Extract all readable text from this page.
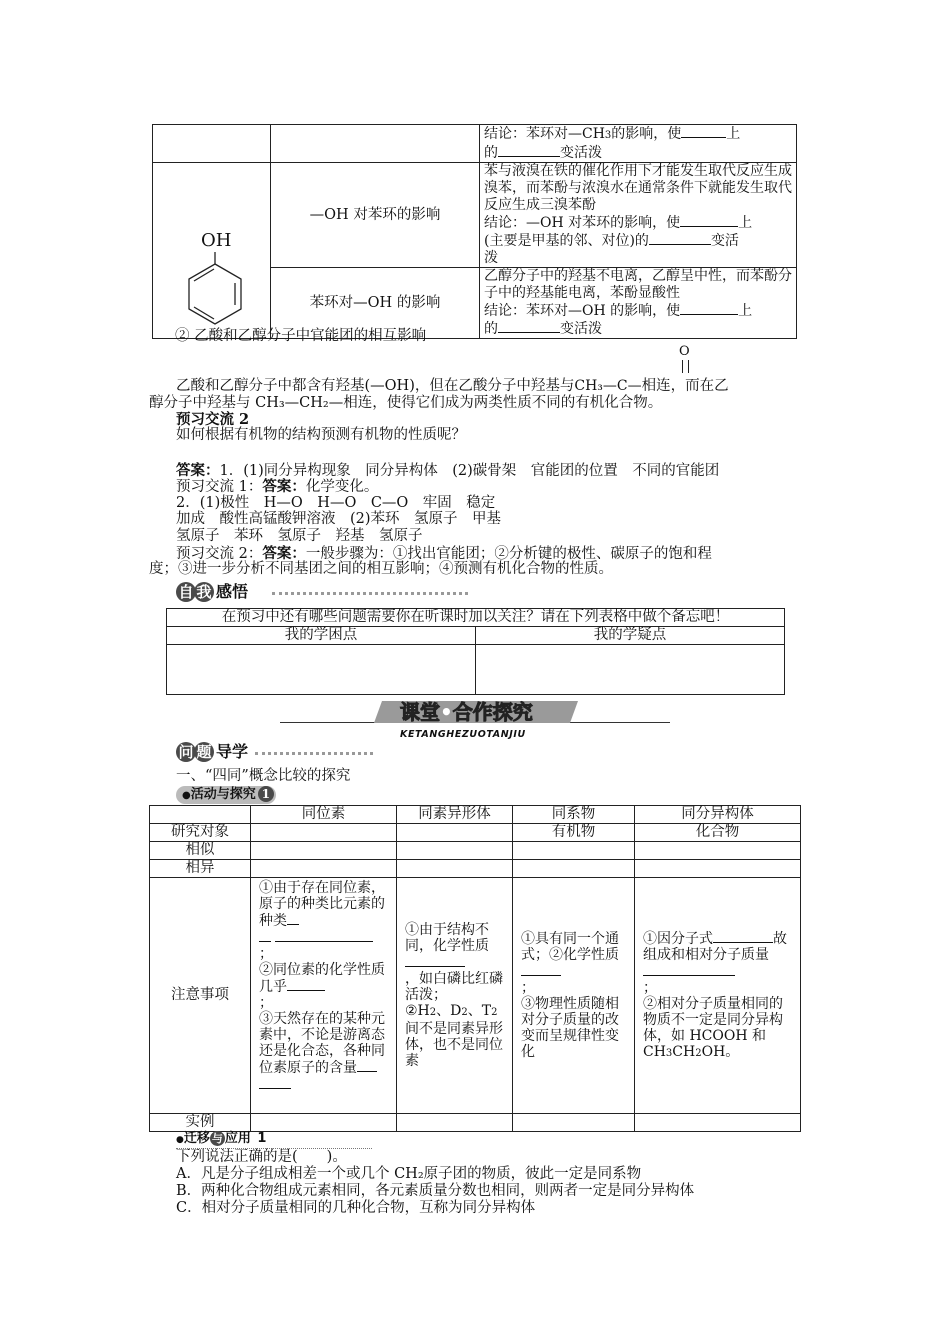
		结论：苯环对—CH3的影响，使 上
的 变活泼

OH	—OH 对苯环的影响	苯与液溴在铁的催化作用下才能发生取代反应生成溴苯，而苯酚与浓溴水在通常条件下就能发生取代反应生成三溴苯酚
结论：—OH 对苯环的影响，使 上
(主要是甲基的邻、对位)的 变活
泼

	苯环对—OH 的影响	乙醇分子中的羟基不电离，乙醇呈中性，而苯酚分子中的羟基能电离，苯酚显酸性
结论：苯环对—OH 的影响，使 上
的 变活泼
② 乙酸和乙醇分子中官能团的相互影响
O
乙酸和乙醇分子中都含有羟基(—OH)，但在乙酸分子中羟基与CH₃—C—相连，而在乙
醇分子中羟基与 CH₃—CH₂—相连，使得它们成为两类性质不同的有机化合物。
预习交流 2
如何根据有机物的结构预测有机物的性质呢？
答案：1．(1)同分异构现象　同分异构体　(2)碳骨架　官能团的位置　不同的官能团
预习交流 1：答案：化学变化。
2．(1)极性　H—O　H—O　C—O　牢固　稳定
加成　酸性高锰酸钾溶液　(2)苯环　氢原子　甲基
氢原子　苯环　氢原子　羟基　氢原子
预习交流 2：答案：一般步骤为：①找出官能团；②分析键的极性、碳原子的饱和程
度；③进一步分析不同基团之间的相互影响；④预测有机化合物的性质。
自 我 感悟
在预习中还有哪些问题需要你在听课时加以关注？请在下列表格中做个备忘吧！	
我的学困点	我的学疑点

课堂•合作探究
KETANGHEZUOTANJIU
问 题 导学
一、“四同”概念比较的探究
●活动与探究 1
	同位素	同素异形体	同系物	同分异构体
研究对象			有机物	化合物
相似				
相异				
注意事项	①由于存在同位素，原子的种类比元素的种类

；
②同位素的化学性质几乎
；
③天然存在的某种元素中，不论是游离态还是化合态，各种同位素原子的含量	①由于结构不同，化学性质
，如白磷比红磷活泼；
②H2、D2、T2间不是同素异形体，也不是同位素	①具有同一个通式；②化学性质
；
③物理性质随相对分子质量的改变而呈规律性变化	①因分子式 故组成和相对分子质量
；
②相对分子质量相同的物质不一定是同分异构体，如 HCOOH 和 CH3CH2OH。
实例				
●迁移 与 应用 1
下列说法正确的是(　　)。
A．凡是分子组成相差一个或几个 CH₂原子团的物质，彼此一定是同系物
B．两种化合物组成元素相同，各元素质量分数也相同，则两者一定是同分异构体
C．相对分子质量相同的几种化合物，互称为同分异构体
